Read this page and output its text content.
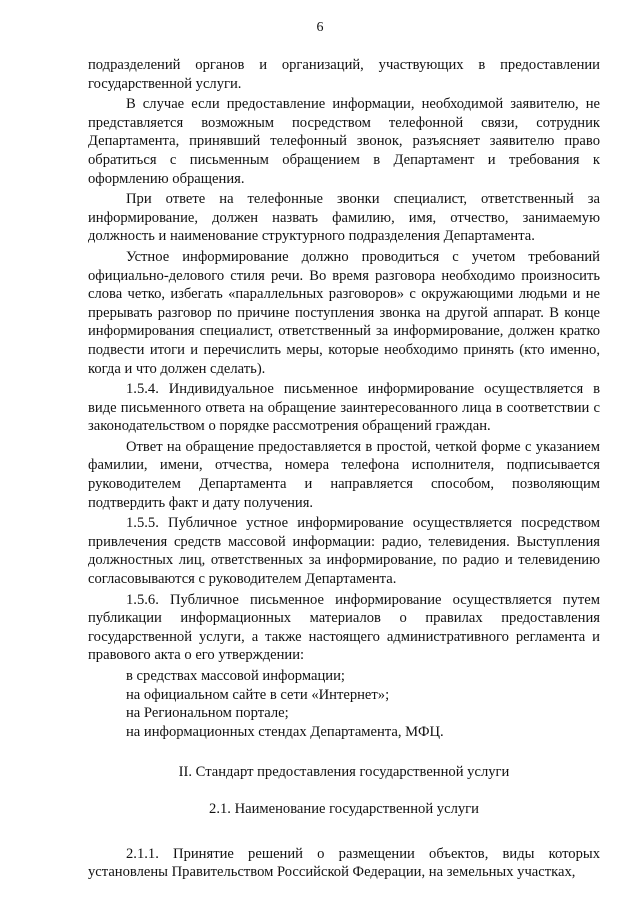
6

подразделений органов и организаций, участвующих в предоставлении государственной услуги.

В случае если предоставление информации, необходимой заявителю, не представляется возможным посредством телефонной связи, сотрудник Департамента, принявший телефонный звонок, разъясняет заявителю право обратиться с письменным обращением в Департамент и требования к оформлению обращения.

При ответе на телефонные звонки специалист, ответственный за информирование, должен назвать фамилию, имя, отчество, занимаемую должность и наименование структурного подразделения Департамента.

Устное информирование должно проводиться с учетом требований официально-делового стиля речи. Во время разговора необходимо произносить слова четко, избегать «параллельных разговоров» с окружающими людьми и не прерывать разговор по причине поступления звонка на другой аппарат. В конце информирования специалист, ответственный за информирование, должен кратко подвести итоги и перечислить меры, которые необходимо принять (кто именно, когда и что должен сделать).

1.5.4. Индивидуальное письменное информирование осуществляется в виде письменного ответа на обращение заинтересованного лица в соответствии с законодательством о порядке рассмотрения обращений граждан.

Ответ на обращение предоставляется в простой, четкой форме с указанием фамилии, имени, отчества, номера телефона исполнителя, подписывается руководителем Департамента и направляется способом, позволяющим подтвердить факт и дату получения.

1.5.5. Публичное устное информирование осуществляется посредством привлечения средств массовой информации: радио, телевидения. Выступления должностных лиц, ответственных за информирование, по радио и телевидению согласовываются с руководителем Департамента.

1.5.6. Публичное письменное информирование осуществляется путем публикации информационных материалов о правилах предоставления государственной услуги, а также настоящего административного регламента и правового акта о его утверждении:

в средствах массовой информации;

на официальном сайте в сети «Интернет»;

на Региональном портале;

на информационных стендах Департамента, МФЦ.

II. Стандарт предоставления государственной услуги

2.1. Наименование государственной услуги

2.1.1. Принятие решений о размещении объектов, виды которых установлены Правительством Российской Федерации, на земельных участках,
